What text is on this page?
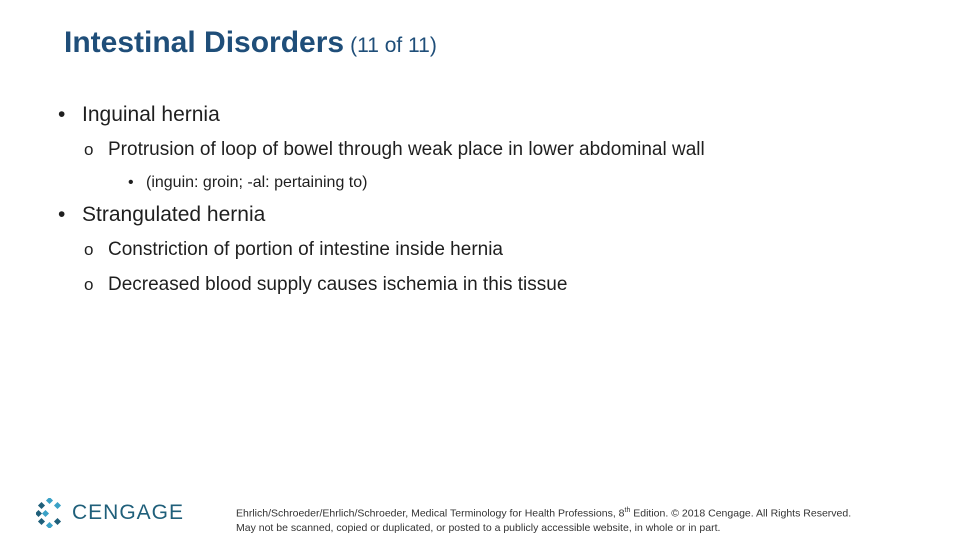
Intestinal Disorders (11 of 11)
• Inguinal hernia
o Protrusion of loop of bowel through weak place in lower abdominal wall
• (inguin: groin; -al: pertaining to)
• Strangulated hernia
o Constriction of portion of intestine inside hernia
o Decreased blood supply causes ischemia in this tissue
CENGAGE	Ehrlich/Schroeder/Ehrlich/Schroeder, Medical Terminology for Health Professions, 8th Edition. © 2018 Cengage. All Rights Reserved.
May not be scanned, copied or duplicated, or posted to a publicly accessible website, in whole or in part.
